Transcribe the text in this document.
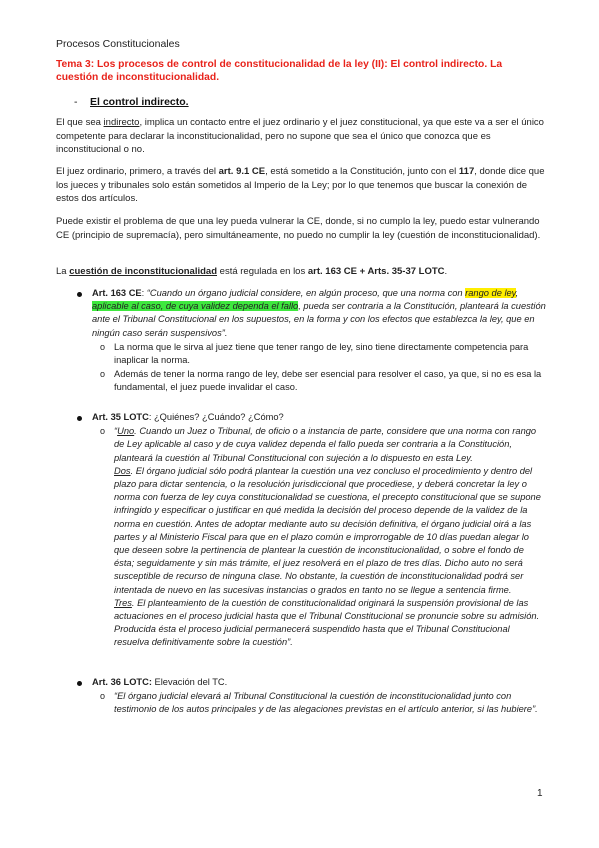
Procesos Constitucionales
Tema 3: Los procesos de control de constitucionalidad de la ley (II): El control indirecto. La cuestión de inconstitucionalidad.
- El control indirecto.
El que sea indirecto, implica un contacto entre el juez ordinario y el juez constitucional, ya que este va a ser el único competente para declarar la inconstitucionalidad, pero no supone que sea el único que conozca que es inconstitucional o no.
El juez ordinario, primero, a través del art. 9.1 CE, está sometido a la Constitución, junto con el 117, donde dice que los jueces y tribunales solo están sometidos al Imperio de la Ley; por lo que tenemos que buscar la conexión de estos dos artículos.
Puede existir el problema de que una ley pueda vulnerar la CE, donde, si no cumplo la ley, puedo estar vulnerando CE (principio de supremacía), pero simultáneamente, no puedo no cumplir la ley (cuestión de inconstitucionalidad).
La cuestión de inconstitucionalidad está regulada en los art. 163 CE + Arts. 35-37 LOTC.
Art. 163 CE: “Cuando un órgano judicial considere, en algún proceso, que una norma con rango de ley, aplicable al caso, de cuya validez dependa el fallo, pueda ser contraria a la Constitución, planteará la cuestión ante el Tribunal Constitucional en los supuestos, en la forma y con los efectos que establezca la ley, que en ningún caso serán suspensivos”.
o La norma que le sirva al juez tiene que tener rango de ley, sino tiene directamente competencia para inaplicar la norma.
o Además de tener la norma rango de ley, debe ser esencial para resolver el caso, ya que, si no es esa la fundamental, el juez puede invalidar el caso.
Art. 35 LOTC: ¿Quiénes? ¿Cuándo? ¿Cómo?
o “Uno. Cuando un Juez o Tribunal, de oficio o a instancia de parte, considere que una norma con rango de Ley aplicable al caso y de cuya validez dependa el fallo pueda ser contraria a la Constitución, planteará la cuestión al Tribunal Constitucional con sujeción a lo dispuesto en esta Ley.
Dos. El órgano judicial sólo podrá plantear la cuestión una vez concluso el procedimiento y dentro del plazo para dictar sentencia, o la resolución jurisdiccional que procediese, y deberá concretar la ley o norma con fuerza de ley cuya constitucionalidad se cuestiona, el precepto constitucional que se supone infringido y especificar o justificar en qué medida la decisión del proceso depende de la validez de la norma en cuestión. Antes de adoptar mediante auto su decisión definitiva, el órgano judicial oirá a las partes y al Ministerio Fiscal para que en el plazo común e improrrogable de 10 días puedan alegar lo que deseen sobre la pertinencia de plantear la cuestión de inconstitucionalidad, o sobre el fondo de ésta; seguidamente y sin más trámite, el juez resolverá en el plazo de tres días. Dicho auto no será susceptible de recurso de ninguna clase. No obstante, la cuestión de inconstitucionalidad podrá ser intentada de nuevo en las sucesivas instancias o grados en tanto no se llegue a sentencia firme.
Tres. El planteamiento de la cuestión de constitucionalidad originará la suspensión provisional de las actuaciones en el proceso judicial hasta que el Tribunal Constitucional se pronuncie sobre su admisión. Producida ésta el proceso judicial permanecerá suspendido hasta que el Tribunal Constitucional resuelva definitivamente sobre la cuestión”.
Art. 36 LOTC: Elevación del TC.
o “El órgano judicial elevará al Tribunal Constitucional la cuestión de inconstitucionalidad junto con testimonio de los autos principales y de las alegaciones previstas en el artículo anterior, si las hubiere”.
1
